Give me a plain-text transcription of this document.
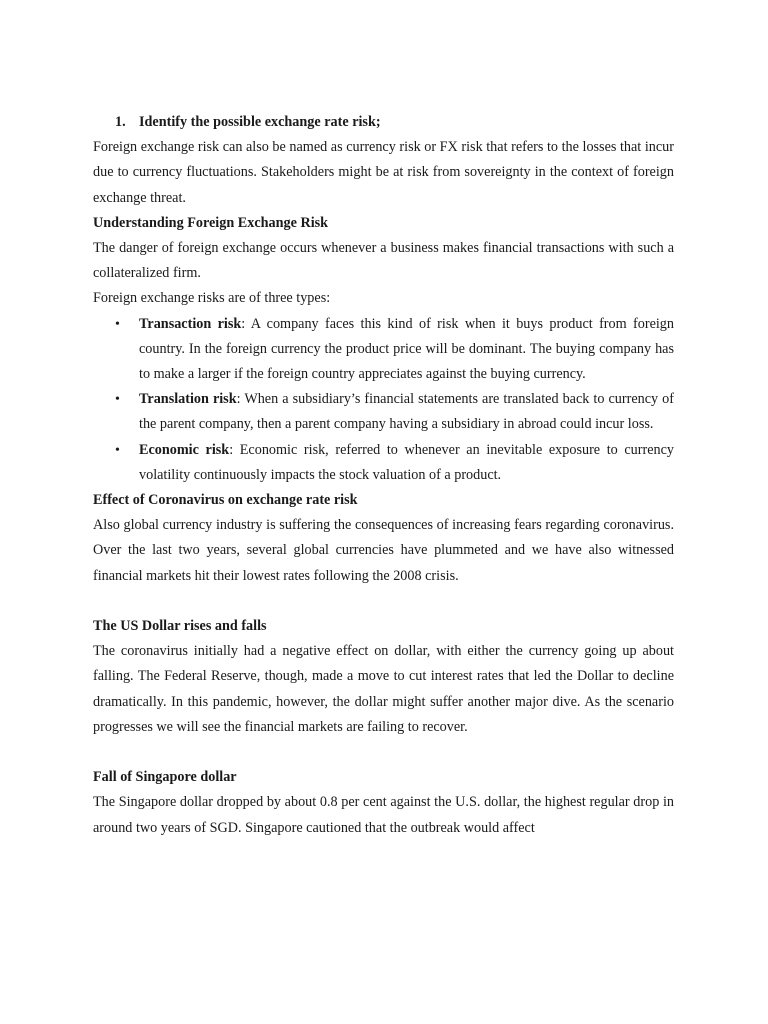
1. Identify the possible exchange rate risk;

Foreign exchange risk can also be named as currency risk or FX risk that refers to the losses that incur due to currency fluctuations. Stakeholders might be at risk from sovereignty in the context of foreign exchange threat.

Understanding Foreign Exchange Risk

The danger of foreign exchange occurs whenever a business makes financial transactions with such a collateralized firm.

Foreign exchange risks are of three types:

• Transaction risk: A company faces this kind of risk when it buys product from foreign country. In the foreign currency the product price will be dominant. The buying company has to make a larger if the foreign country appreciates against the buying currency.
• Translation risk: When a subsidiary’s financial statements are translated back to currency of the parent company, then a parent company having a subsidiary in abroad could incur loss.
• Economic risk: Economic risk, referred to whenever an inevitable exposure to currency volatility continuously impacts the stock valuation of a product.

Effect of Coronavirus on exchange rate risk

Also global currency industry is suffering the consequences of increasing fears regarding coronavirus. Over the last two years, several global currencies have plummeted and we have also witnessed financial markets hit their lowest rates following the 2008 crisis.

The US Dollar rises and falls

The coronavirus initially had a negative effect on dollar, with either the currency going up about falling. The Federal Reserve, though, made a move to cut interest rates that led the Dollar to decline dramatically. In this pandemic, however, the dollar might suffer another major dive. As the scenario progresses we will see the financial markets are failing to recover.

Fall of Singapore dollar

The Singapore dollar dropped by about 0.8 per cent against the U.S. dollar, the highest regular drop in around two years of SGD. Singapore cautioned that the outbreak would affect
